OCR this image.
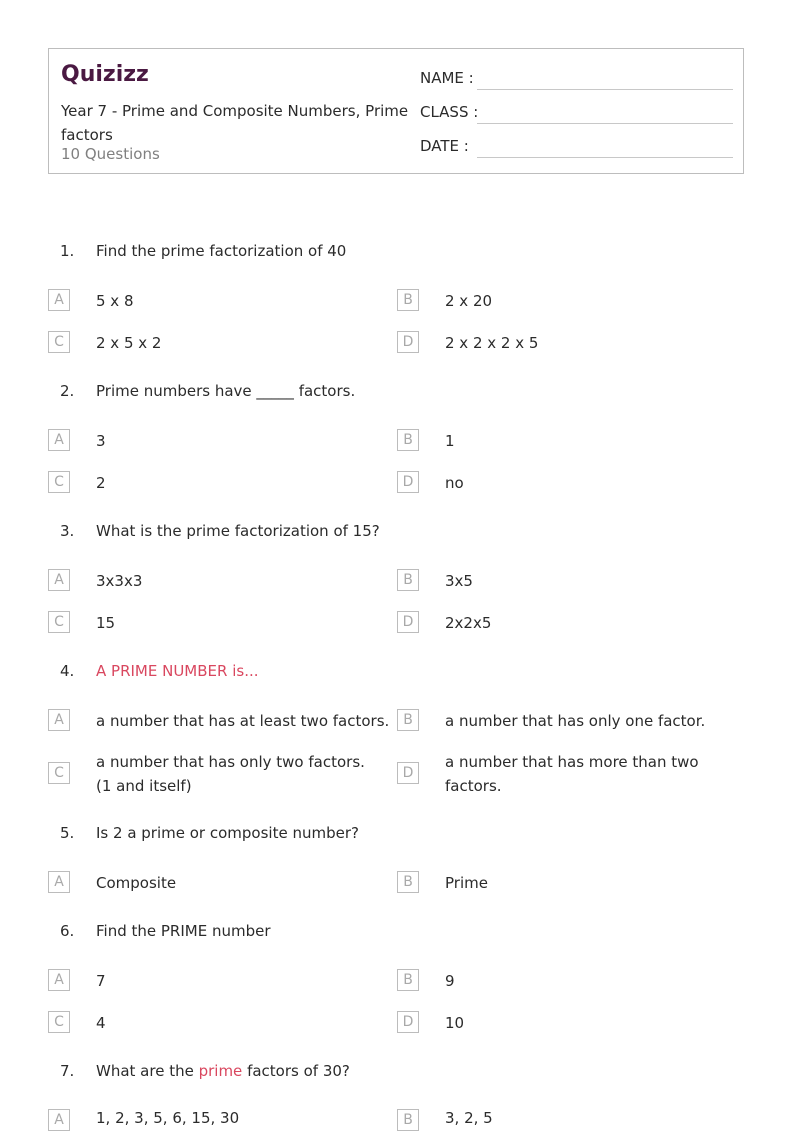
Quizizz
Year 7 - Prime and Composite Numbers, Prime factors
10 Questions
NAME :
CLASS :
DATE :
1. Find the prime factorization of 40
A	5 x 8	B	2 x 20
C	2 x 5 x 2	D	2 x 2 x 2 x 5
2. Prime numbers have _____ factors.
A	3	B	1
C	2	D	no
3. What is the prime factorization of 15?
A	3x3x3	B	3x5
C	15	D	2x2x5
4. A PRIME NUMBER is...
A	a number that has at least two factors. B	a number that has only one factor.
C
a number that has only two factors. (1 and itself)
D
a number that has more than two factors.
5. Is 2 a prime or composite number?
A	Composite	B	Prime
6. Find the PRIME number
A	7	B	9
C	4	D	10
7. What are the prime factors of 30?
A	1, 2, 3, 5, 6, 15, 30	B	3, 2, 5
